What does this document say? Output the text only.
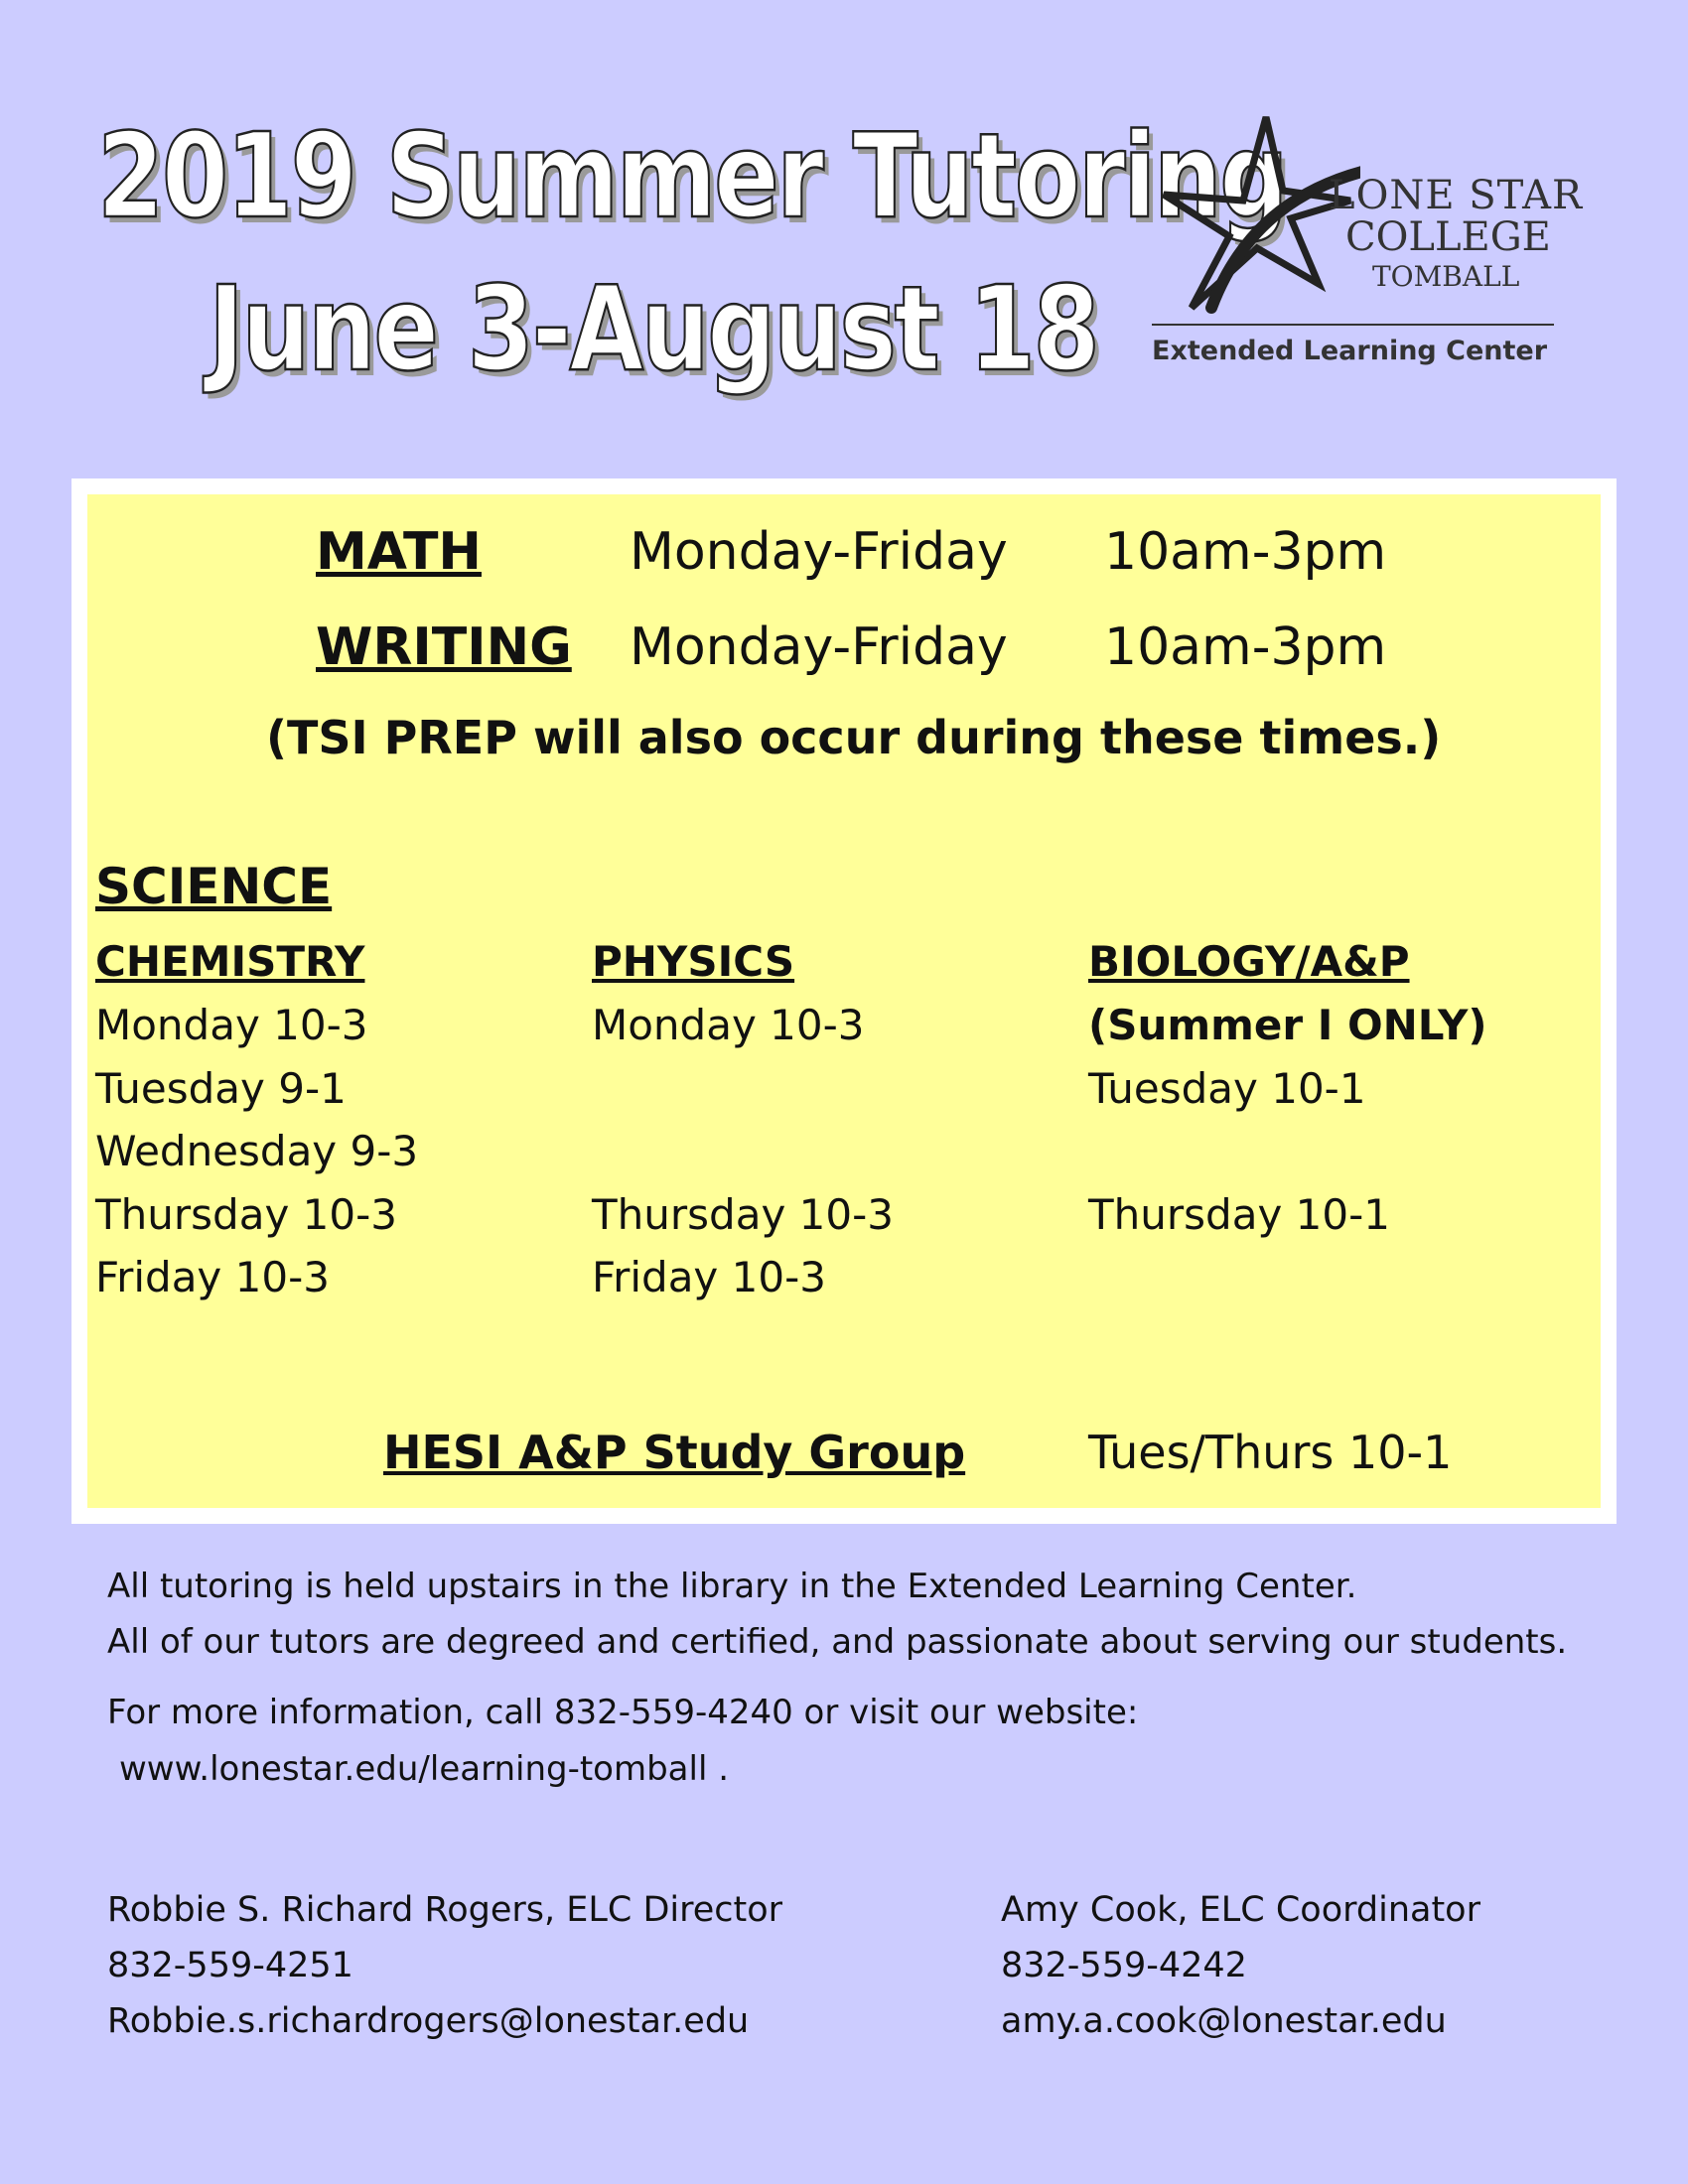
2019 Summer Tutoring
June 3-August 18
LONE STAR
COLLEGE
TOMBALL
Extended Learning Center
MATH	Monday-Friday 10am-3pm
WRITING Monday-Friday 10am-3pm
(TSI PREP will also occur during these times.)
SCIENCE
CHEMISTRY
Monday 10-3
Tuesday 9-1
Wednesday 9-3
Thursday 10-3
Friday 10-3
PHYSICS
Monday 10-3
Thursday 10-3
Friday 10-3
BIOLOGY/A&P
(Summer I ONLY)
Tuesday 10-1
Thursday 10-1
HESI A&P Study Group	Tues/Thurs 10-1
All tutoring is held upstairs in the library in the Extended Learning Center.
All of our tutors are degreed and certified, and passionate about serving our students.
For more information, call 832-559-4240 or visit our website:
www.lonestar.edu/learning-tomball .
Robbie S. Richard Rogers, ELC Director
832-559-4251
Robbie.s.richardrogers@lonestar.edu
Amy Cook, ELC Coordinator
832-559-4242
amy.a.cook@lonestar.edu
